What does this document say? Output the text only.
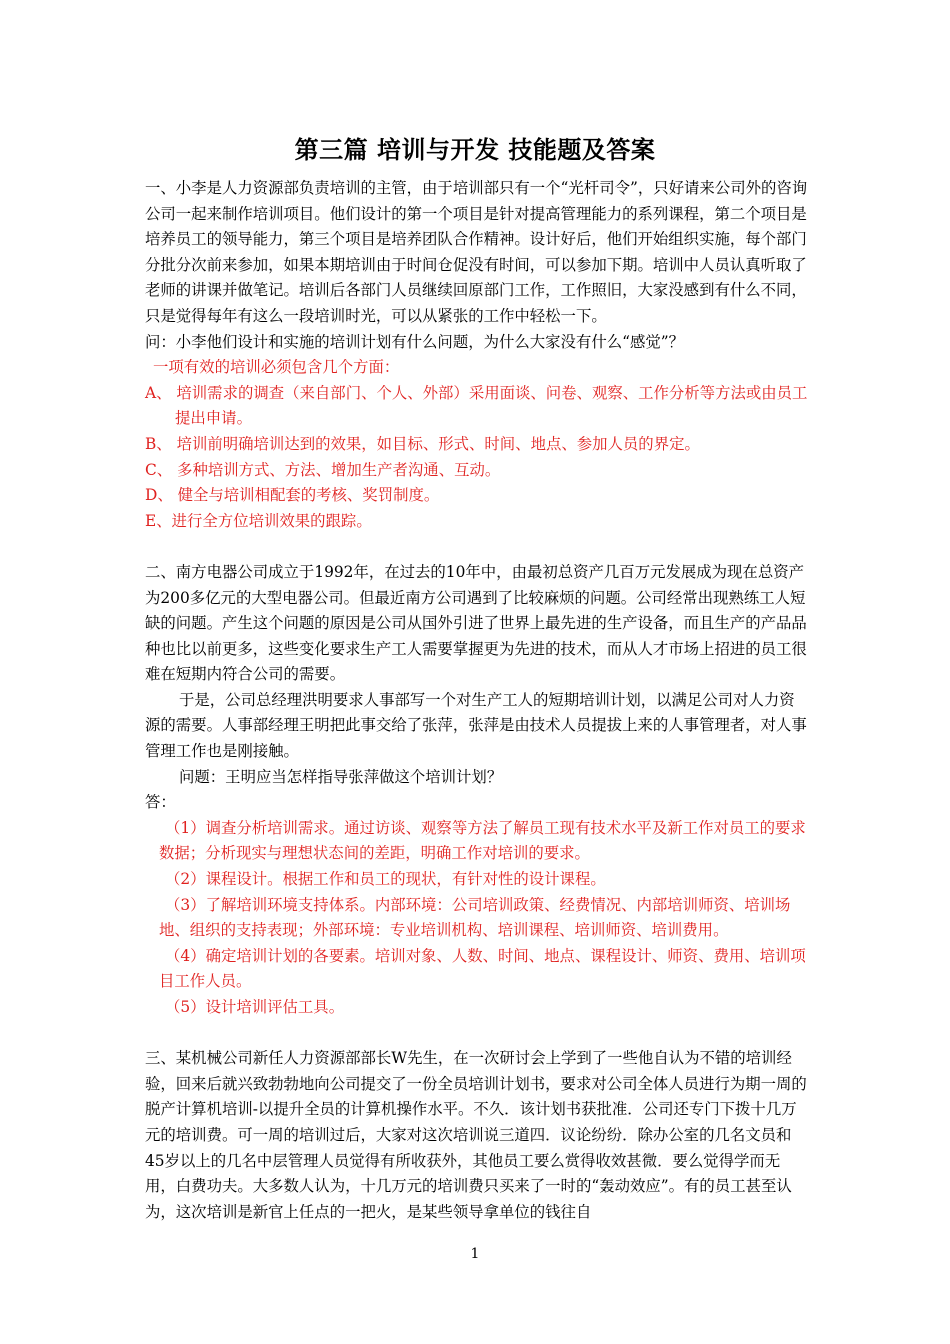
第三篇 培训与开发 技能题及答案

一、小李是人力资源部负责培训的主管，由于培训部只有一个“光杆司令”，只好请来公司外的咨询公司一起来制作培训项目。他们设计的第一个项目是针对提高管理能力的系列课程，第二个项目是培养员工的领导能力，第三个项目是培养团队合作精神。设计好后，他们开始组织实施，每个部门分批分次前来参加，如果本期培训由于时间仓促没有时间，可以参加下期。培训中人员认真听取了老师的讲课并做笔记。培训后各部门人员继续回原部门工作，工作照旧，大家没感到有什么不同，只是觉得每年有这么一段培训时光，可以从紧张的工作中轻松一下。

问：小李他们设计和实施的培训计划有什么问题，为什么大家没有什么“感觉”？

一项有效的培训必须包含几个方面：

A、 培训需求的调查（来自部门、个人、外部）采用面谈、问卷、观察、工作分析等方法或由员工提出申请。

B、 培训前明确培训达到的效果，如目标、形式、时间、地点、参加人员的界定。

C、 多种培训方式、方法、增加生产者沟通、互动。

D、 健全与培训相配套的考核、奖罚制度。

E、进行全方位培训效果的跟踪。

二、南方电器公司成立于1992年，在过去的10年中，由最初总资产几百万元发展成为现在总资产为200多亿元的大型电器公司。但最近南方公司遇到了比较麻烦的问题。公司经常出现熟练工人短缺的问题。产生这个问题的原因是公司从国外引进了世界上最先进的生产设备，而且生产的产品品种也比以前更多，这些变化要求生产工人需要掌握更为先进的技术，而从人才市场上招进的员工很难在短期内符合公司的需要。

于是，公司总经理洪明要求人事部写一个对生产工人的短期培训计划，以满足公司对人力资源的需要。人事部经理王明把此事交给了张萍，张萍是由技术人员提拔上来的人事管理者，对人事管理工作也是刚接触。

问题：王明应当怎样指导张萍做这个培训计划？

答：

（1）调查分析培训需求。通过访谈、观察等方法了解员工现有技术水平及新工作对员工的要求数据；分析现实与理想状态间的差距，明确工作对培训的要求。

（2）课程设计。根据工作和员工的现状，有针对性的设计课程。

（3）了解培训环境支持体系。内部环境：公司培训政策、经费情况、内部培训师资、培训场地、组织的支持表现；外部环境：专业培训机构、培训课程、培训师资、培训费用。

（4）确定培训计划的各要素。培训对象、人数、时间、地点、课程设计、师资、费用、培训项目工作人员。

（5）设计培训评估工具。

三、某机械公司新任人力资源部部长W先生，在一次研讨会上学到了一些他自认为不错的培训经验，回来后就兴致勃勃地向公司提交了一份全员培训计划书，要求对公司全体人员进行为期一周的脱产计算机培训-以提升全员的计算机操作水平。不久．该计划书获批准．公司还专门下拨十几万元的培训费。可一周的培训过后，大家对这次培训说三道四．议论纷纷．除办公室的几名文员和45岁以上的几名中层管理人员觉得有所收获外，其他员工要么赏得收效甚微．要么觉得学而无用，白费功夫。大多数人认为，十几万元的培训费只买来了一时的“轰动效应”。有的员工甚至认为，这次培训是新官上任点的一把火，是某些领导拿单位的钱往自

1
